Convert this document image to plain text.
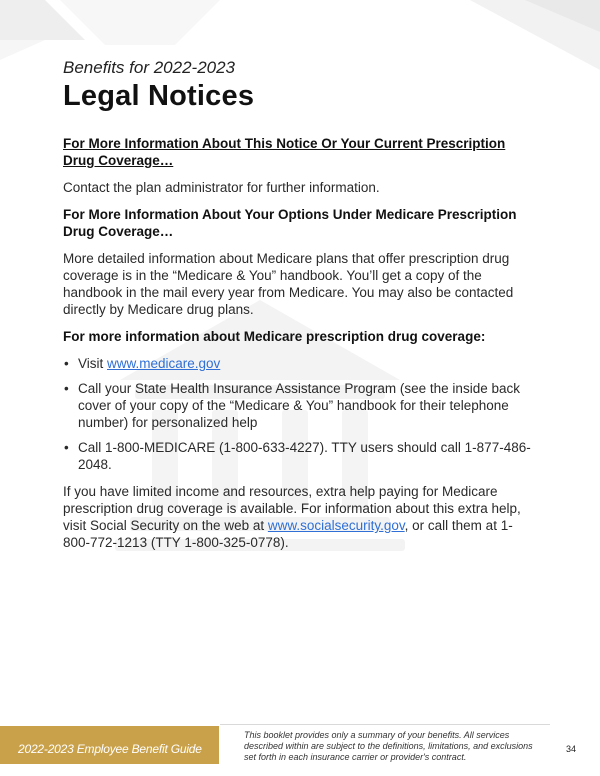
Benefits for 2022-2023
Legal Notices
For More Information About This Notice Or Your Current Prescription Drug Coverage…
Contact the plan administrator for further information.
For More Information About Your Options Under Medicare Prescription Drug Coverage…
More detailed information about Medicare plans that offer prescription drug coverage is in the “Medicare & You” handbook. You’ll get a copy of the handbook in the mail every year from Medicare. You may also be contacted directly by Medicare drug plans.
For more information about Medicare prescription drug coverage:
• Visit www.medicare.gov
• Call your State Health Insurance Assistance Program (see the inside back cover of your copy of the “Medicare & You” handbook for their telephone number) for personalized help
• Call 1-800-MEDICARE (1-800-633-4227). TTY users should call 1-877-486-2048.
If you have limited income and resources, extra help paying for Medicare prescription drug coverage is available. For information about this extra help, visit Social Security on the web at www.socialsecurity.gov, or call them at 1-800-772-1213 (TTY 1-800-325-0778).
2022-2023 Employee Benefit Guide
This booklet provides only a summary of your benefits. All services described within are subject to the definitions, limitations, and exclusions set forth in each insurance carrier or provider's contract.
34
